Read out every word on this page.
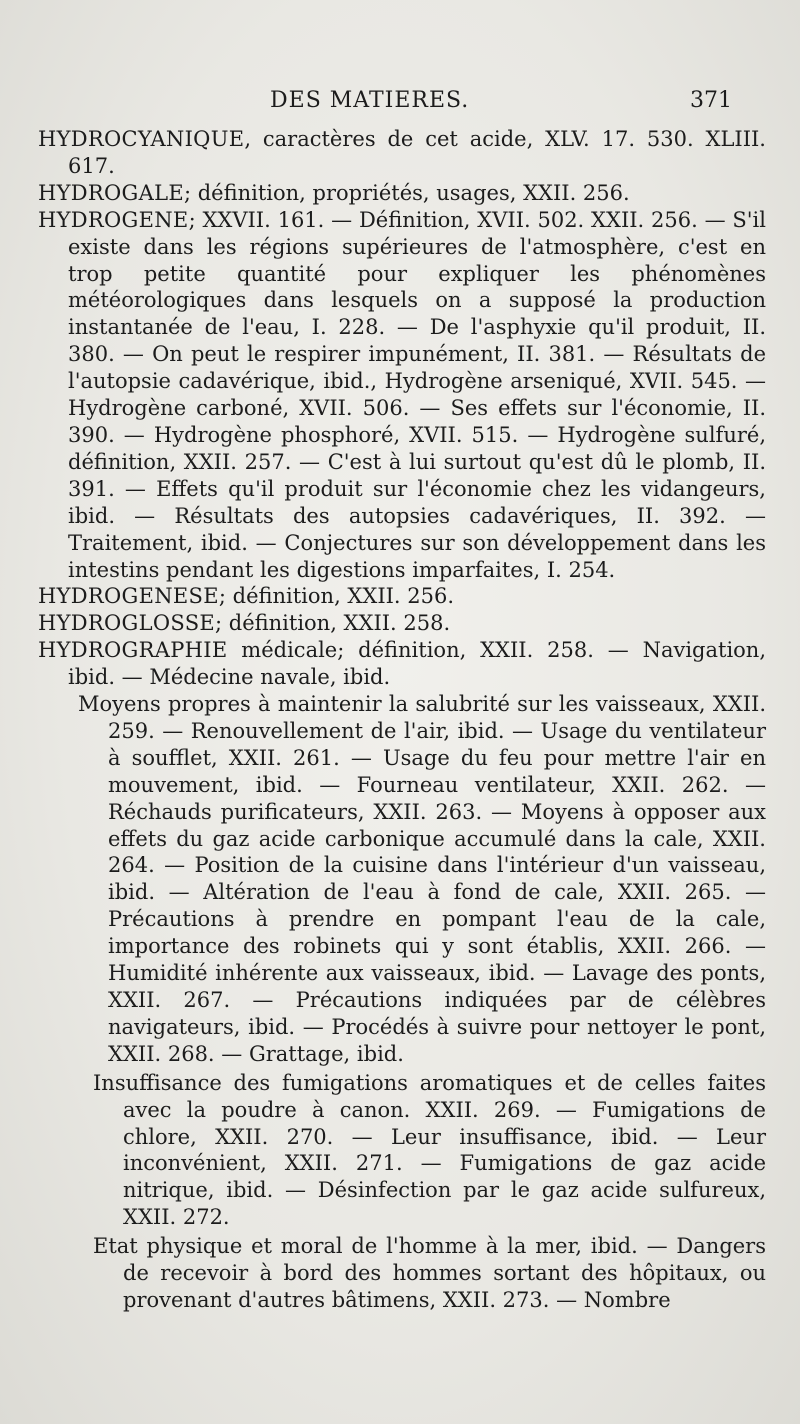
DES MATIERES.	371

HYDROCYANIQUE, caractères de cet acide, XLV. 17. 530. XLIII. 617.

HYDROGALE; définition, propriétés, usages, XXII. 256.

HYDROGENE; XXVII. 161. — Définition, XVII. 502. XXII. 256. — S'il existe dans les régions supérieures de l'atmosphère, c'est en trop petite quantité pour expliquer les phénomènes météorologiques dans lesquels on a supposé la production instantanée de l'eau, I. 228. — De l'asphyxie qu'il produit, II. 380. — On peut le respirer impunément, II. 381. — Résultats de l'autopsie cadavérique, ibid., Hydrogène arseniqué, XVII. 545. — Hydrogène carboné, XVII. 506. — Ses effets sur l'économie, II. 390. — Hydrogène phosphoré, XVII. 515. — Hydrogène sulfuré, définition, XXII. 257. — C'est à lui surtout qu'est dû le plomb, II. 391. — Effets qu'il produit sur l'économie chez les vidangeurs, ibid. — Résultats des autopsies cadavériques, II. 392. — Traitement, ibid. — Conjectures sur son développement dans les intestins pendant les digestions imparfaites, I. 254.

HYDROGENESE; définition, XXII. 256.

HYDROGLOSSE; définition, XXII. 258.

HYDROGRAPHIE médicale; définition, XXII. 258. — Navigation, ibid. — Médecine navale, ibid.

Moyens propres à maintenir la salubrité sur les vaisseaux, XXII. 259. — Renouvellement de l'air, ibid. — Usage du ventilateur à soufflet, XXII. 261. — Usage du feu pour mettre l'air en mouvement, ibid. — Fourneau ventilateur, XXII. 262. — Réchauds purificateurs, XXII. 263. — Moyens à opposer aux effets du gaz acide carbonique accumulé dans la cale, XXII. 264. — Position de la cuisine dans l'intérieur d'un vaisseau, ibid. — Altération de l'eau à fond de cale, XXII. 265. — Précautions à prendre en pompant l'eau de la cale, importance des robinets qui y sont établis, XXII. 266. — Humidité inhérente aux vaisseaux, ibid. — Lavage des ponts, XXII. 267. — Précautions indiquées par de célèbres navigateurs, ibid. — Procédés à suivre pour nettoyer le pont, XXII. 268. — Grattage, ibid.

Insuffisance des fumigations aromatiques et de celles faites avec la poudre à canon. XXII. 269. — Fumigations de chlore, XXII. 270. — Leur insuffisance, ibid. — Leur inconvénient, XXII. 271. — Fumigations de gaz acide nitrique, ibid. — Désinfection par le gaz acide sulfureux, XXII. 272.

Etat physique et moral de l'homme à la mer, ibid. — Dangers de recevoir à bord des hommes sortant des hôpitaux, ou provenant d'autres bâtimens, XXII. 273. — Nombre
